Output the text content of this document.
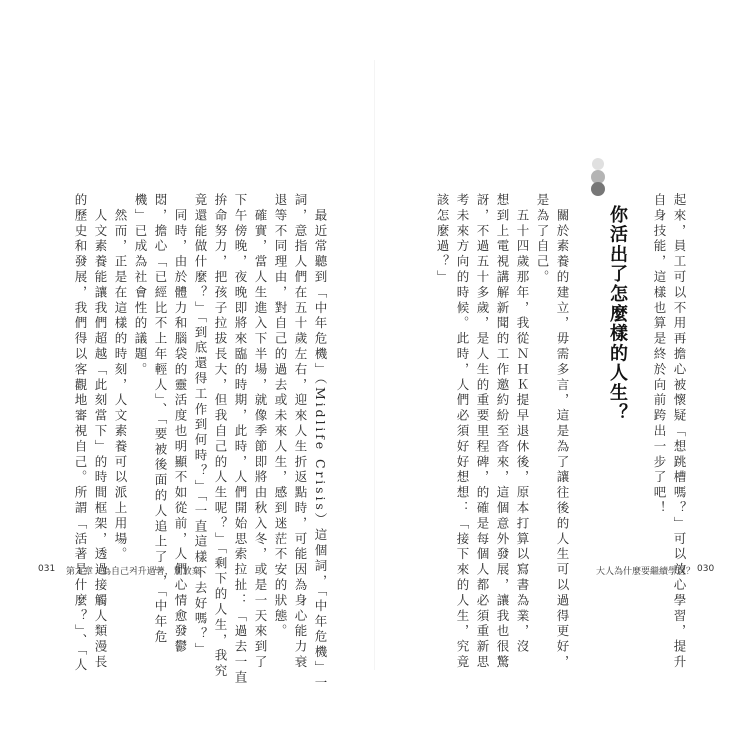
起來，員工可以不用再擔心被懷疑「想跳槽嗎？」可以放心學習，提升

自身技能，這樣也算是終於向前跨出一步了吧！

你活出了怎麼樣的人生？

　關於素養的建立，毋需多言，這是為了讓往後的人生可以過得更好，

是為了自己。

　五十四歲那年，我從ＮＨＫ提早退休後，原本打算以寫書為業，沒

想到上電視講解新聞的工作邀約紛至沓來，這個意外發展，讓我也很驚

訝，不過五十多歲，是人生的重要里程碑，的確是每個人都必須重新思

考未來方向的時候。此時，人們必須好好想想：「接下來的人生，究竟

該怎麼過？」

大人為什麼要繼續學習？ 030

　最近常聽到「中年危機」（Midlife Crisis）這個詞，「中年危機」一

詞，意指人們在五十歲左右，迎來人生折返點時，可能因為身心能力衰

退等不同理由，對自己的過去或未來人生，感到迷茫不安的狀態。

　確實，當人生進入下半場，就像季節即將由秋入冬，或是一天來到了

下午傍晚，夜晚即將來臨的時期，此時，人們開始思索拉扯：「過去一直

拚命努力，把孩子拉拔長大，但我自己的人生呢？」「剩下的人生，我究

竟還能做什麼？」「到底還得工作到何時？」「一直這樣下去好嗎？」

　同時，由於體力和腦袋的靈活度也明顯不如從前，人們心情愈發鬱

悶，擔心「已經比不上年輕人」、「要被後面的人追上了」，「中年危

機」已成為社會性的議題。

　然而，正是在這樣的時刻，人文素養可以派上用場。

　人文素養能讓我們超越「此刻當下」的時間框架，透過接觸人類漫長

的歷史和發展，我們得以客觀地審視自己。所謂「活著是什麼？」、「人

031 第１章・為自己켜升過著，別放棄
